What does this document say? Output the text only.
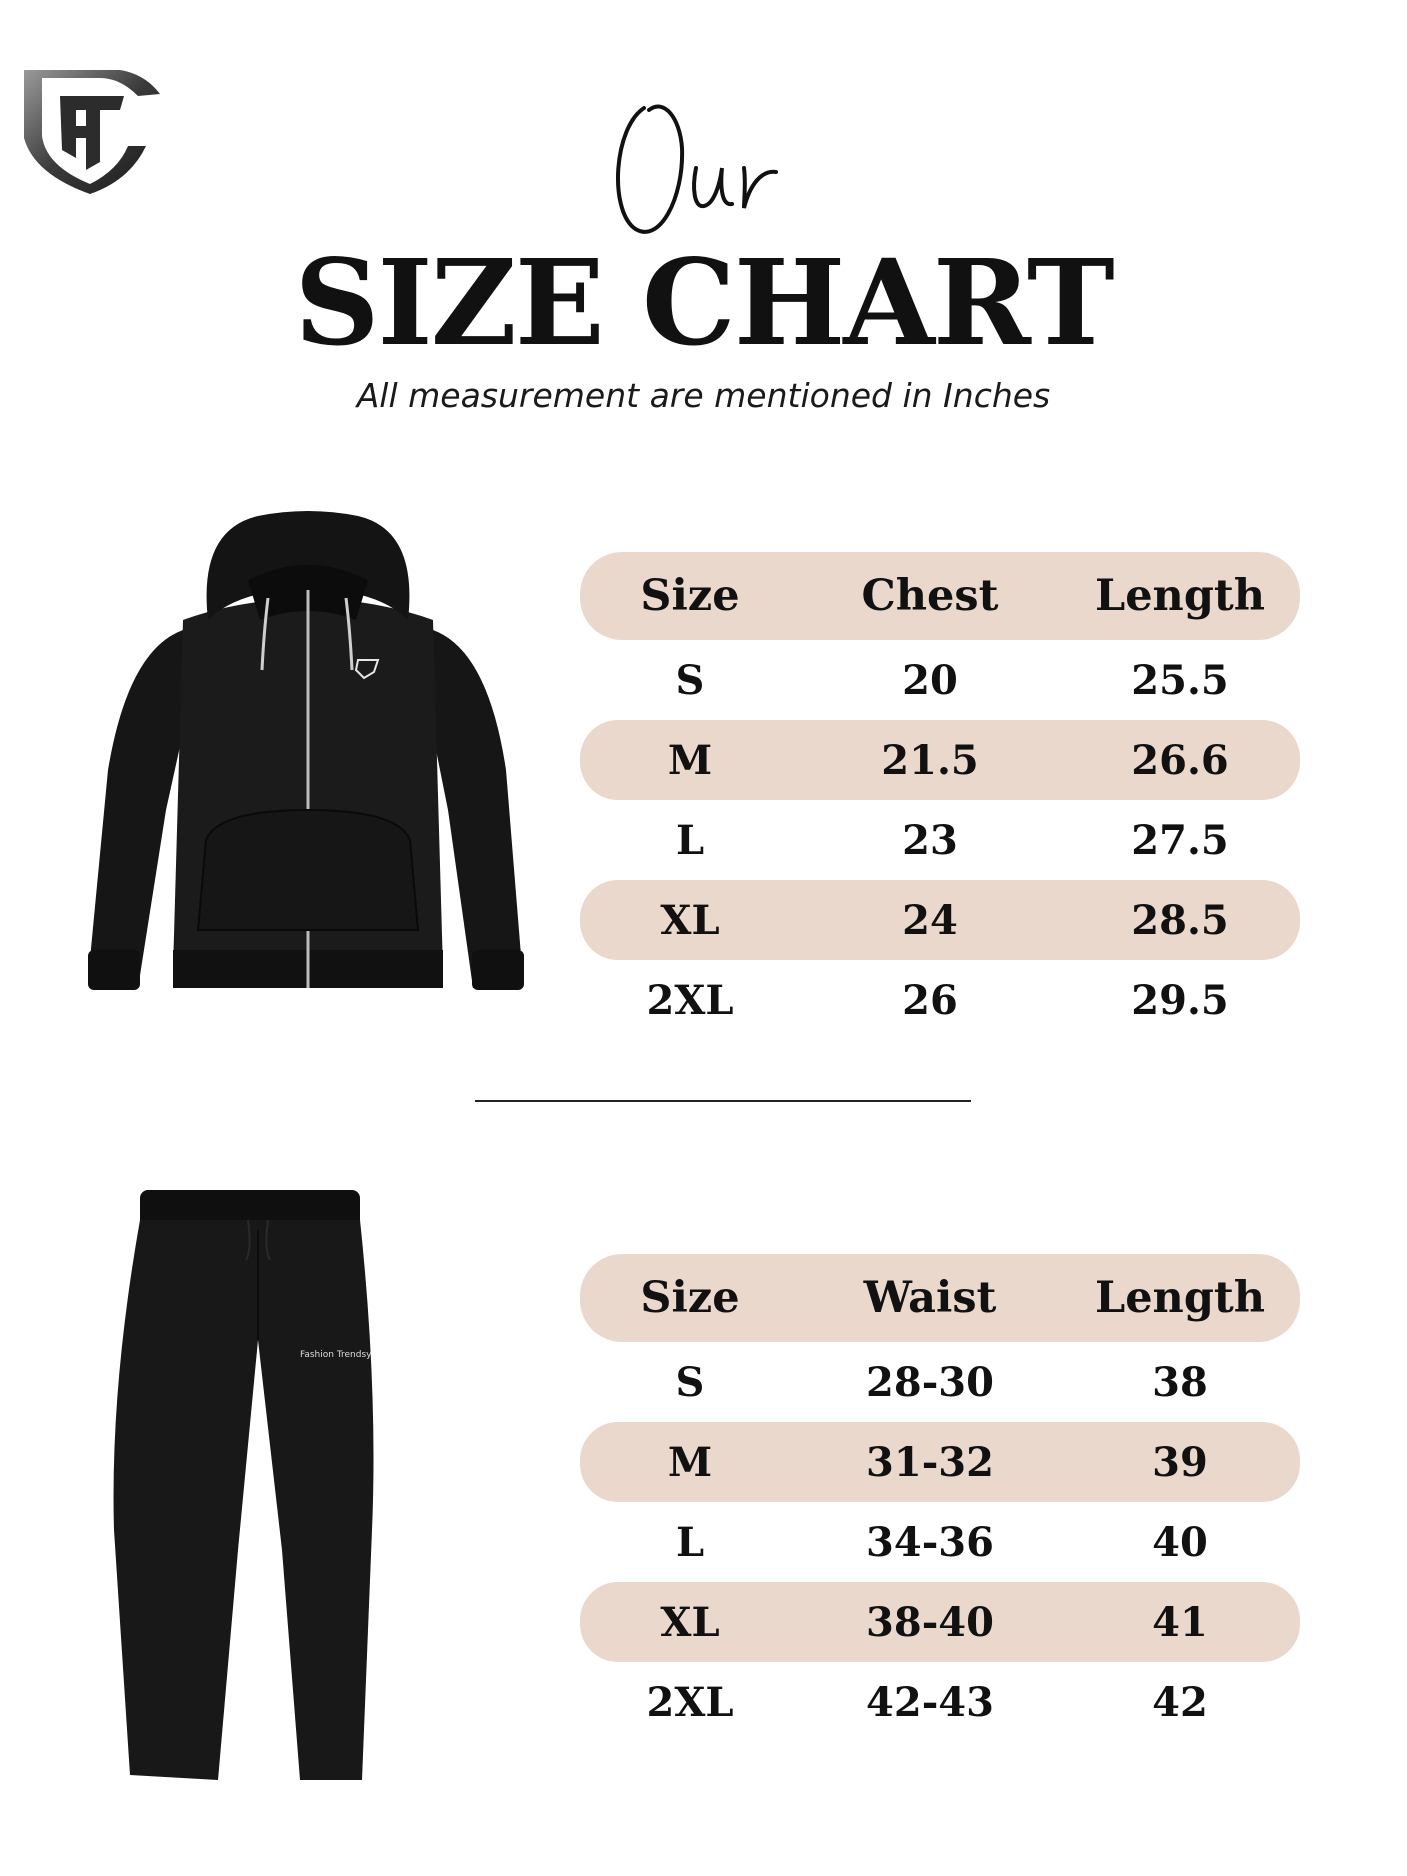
SIZE CHART
All measurement are mentioned in Inches
Size	Chest	Length
S	20	25.5
M	21.5	26.6
L	23	27.5
XL	24	28.5
2XL	26	29.5
Fashion Trendsy
Size	Waist	Length
S	28-30	38
M	31-32	39
L	34-36	40
XL	38-40	41
2XL	42-43	42
